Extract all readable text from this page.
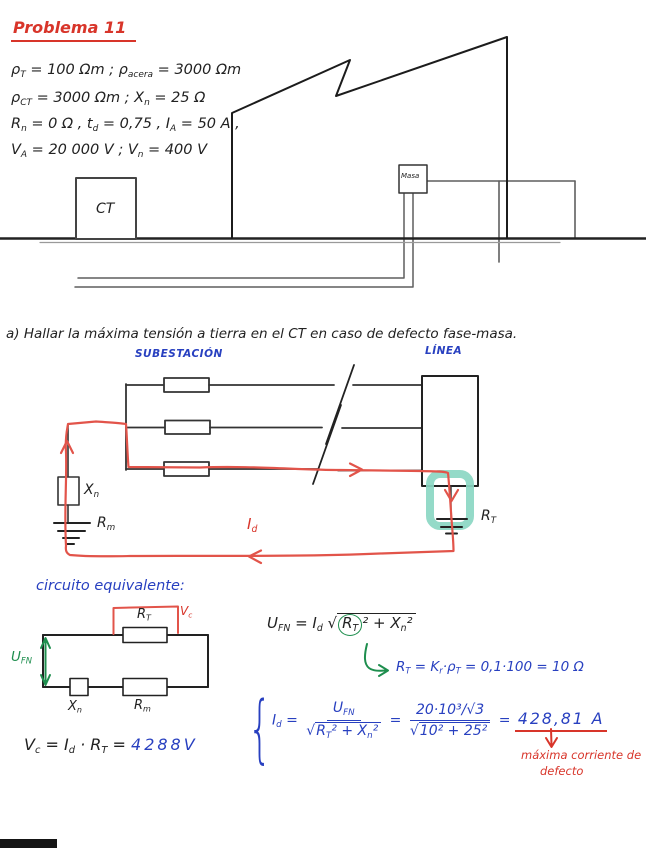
Problema 11
$\rho_T = 100$ Ωm ; $\rho_{acera} = 3000$ Ωm
$\rho_{CT} = 3000$ Ωm ; $X_n = 25$ Ω
$R_n = 0$ Ω , $t_d = 0,75$ , $I_A = 50$ A ,
$V_A = 20$ 000 V ; $V_n = 400$ V
CT
Masa
a) Hallar la máxima tensión a tierra en el CT en caso de defecto fase-masa.
SUBESTACIÓN	LÍNEA
$X_n$
$R_m$	$I_d$
$R_T$
circuito equivalente:
$R_T$
$V_c$
$U_{FN}$
$X_n$	$R_m$
$V_c = I_d \cdot R_T = 4288V$
$U_{FN} = I_d$ √ $R_T$ $^2 + X_n^2$
$R_T = K_r\cdot\rho_T = 0,1\cdot 100 = 10$ Ω
{ $I_d = \frac{U_{FN}}{√R_T^2 + X_n^2} = \frac{\text{20·10³/√3}}{\text{√10² + 25²}} = 428,81$ A
máxima corriente de
defecto
